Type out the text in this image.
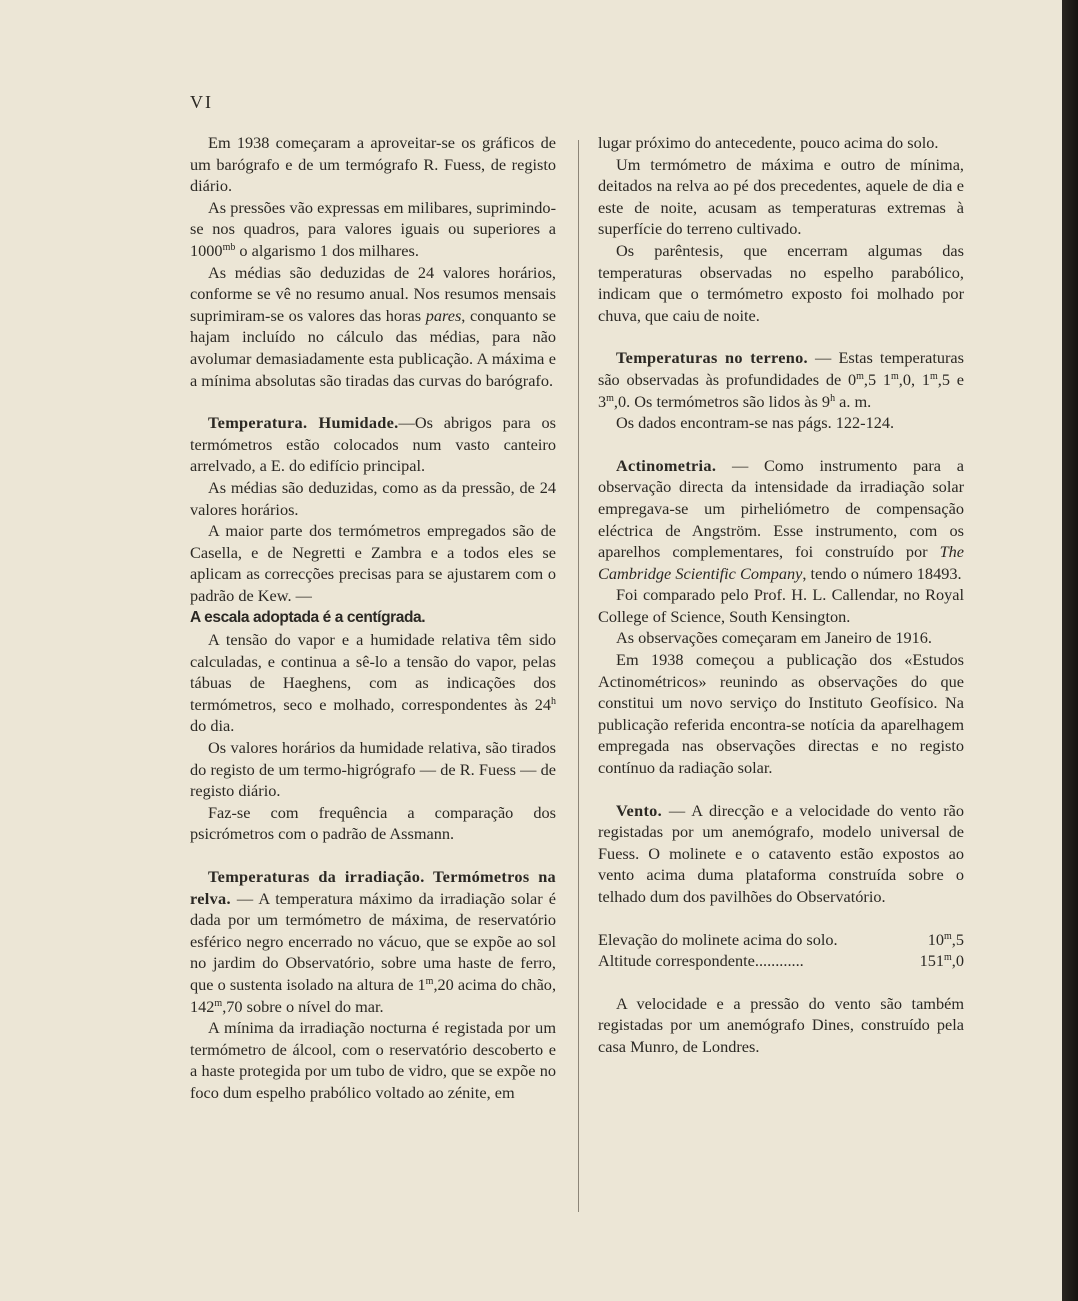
VI

Em 1938 começaram a aproveitar-se os gráficos de um barógrafo e de um termógrafo R. Fuess, de registo diário.

As pressões vão expressas em milibares, suprimindo-se nos quadros, para valores iguais ou superiores a $1000^{mb}$ o algarismo 1 dos milhares.

As médias são deduzidas de 24 valores horários, conforme se vê no resumo anual. Nos resumos mensais suprimiram-se os valores das horas pares, conquanto se hajam incluído no cálculo das médias, para não avolumar demasiadamente esta publicação. A máxima e a mínima absolutas são tiradas das curvas do barógrafo.

Temperatura. Humidade.—Os abrigos para os termómetros estão colocados num vasto canteiro arrelvado, a E. do edifício principal.

As médias são deduzidas, como as da pressão, de 24 valores horários.

A maior parte dos termómetros empregados são de Casella, e de Negretti e Zambra e a todos eles se aplicam as correcções precisas para se ajustarem com o padrão de Kew. —
A escala adoptada é a centígrada.

A tensão do vapor e a humidade relativa têm sido calculadas, e continua a sê-lo a tensão do vapor, pelas tábuas de Haeghens, com as indicações dos termómetros, seco e molhado, correspondentes às 24$^h$ do dia.

Os valores horários da humidade relativa, são tirados do registo de um termo-higrógrafo — de R. Fuess — de registo diário.

Faz-se com frequência a comparação dos psicrómetros com o padrão de Assmann.

Temperaturas da irradiação. Termómetros na relva. — A temperatura máximo da irradiação solar é dada por um termómetro de máxima, de reservatório esférico negro encerrado no vácuo, que se expõe ao sol no jardim do Observatório, sobre uma haste de ferro, que o sustenta isolado na altura de 1$^m$,20 acima do chão, 142$^m$,70 sobre o nível do mar.

A mínima da irradiação nocturna é registada por um termómetro de álcool, com o reservatório descoberto e a haste protegida por um tubo de vidro, que se expõe no foco dum espelho prabólico voltado ao zénite, em

lugar próximo do antecedente, pouco acima do solo.

Um termómetro de máxima e outro de mínima, deitados na relva ao pé dos precedentes, aquele de dia e este de noite, acusam as temperaturas extremas à superfície do terreno cultivado.

Os parêntesis, que encerram algumas das temperaturas observadas no espelho parabólico, indicam que o termómetro exposto foi molhado por chuva, que caiu de noite.

Temperaturas no terreno. — Estas temperaturas são observadas às profundidades de 0$^m$,5 1$^m$,0, 1$^m$,5 e 3$^m$,0. Os termómetros são lidos às 9$^h$ a. m.

Os dados encontram-se nas págs. 122-124.

Actinometria. — Como instrumento para a observação directa da intensidade da irradiação solar empregava-se um pirheliómetro de compensação eléctrica de Angström. Esse instrumento, com os aparelhos complementares, foi construído por The Cambridge Scientific Company, tendo o número 18493.

Foi comparado pelo Prof. H. L. Callendar, no Royal College of Science, South Kensington.

As observações começaram em Janeiro de 1916.

Em 1938 começou a publicação dos «Estudos Actinométricos» reunindo as observações do que constitui um novo serviço do Instituto Geofísico. Na publicação referida encontra-se notícia da aparelhagem empregada nas observações directas e no registo contínuo da radiação solar.

Vento. — A direcção e a velocidade do vento rão registadas por um anemógrafo, modelo universal de Fuess. O molinete e o catavento estão expostos ao vento acima duma plataforma construída sobre o telhado dum dos pavilhões do Observatório.

Elevação do molinete acima do solo.	10$^m$,5
Altitude correspondente............	151$^m$,0

A velocidade e a pressão do vento são também registadas por um anemógrafo Dines, construído pela casa Munro, de Londres.
